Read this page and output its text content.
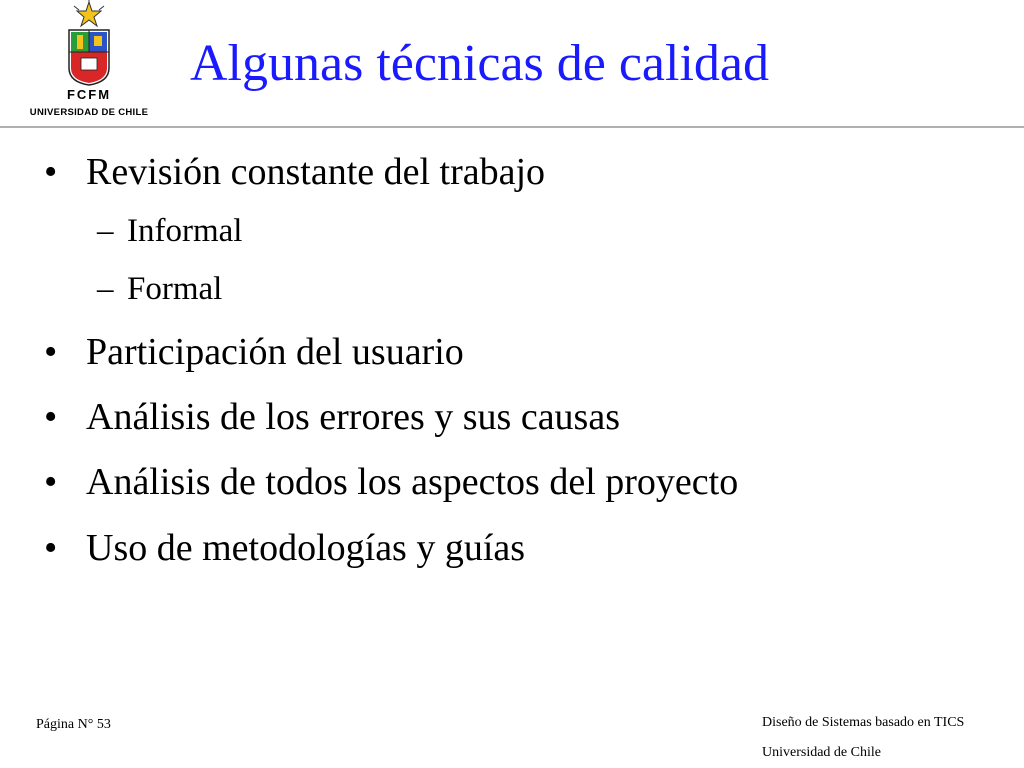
FCFM
UNIVERSIDAD DE CHILE
Algunas técnicas de calidad
• Revisión constante del trabajo
– Informal
– Formal
• Participación del usuario
• Análisis de los errores y sus causas
• Análisis de todos los aspectos del proyecto
• Uso de metodologías y guías
Página N° 53	Diseño de Sistemas basado en TICS
Universidad de Chile
